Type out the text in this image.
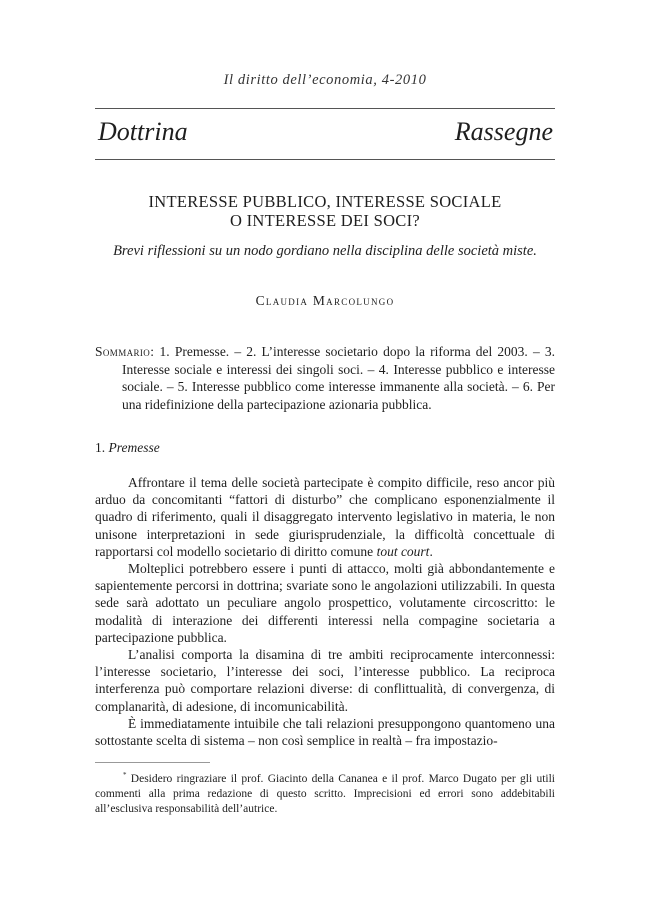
Il diritto dell’economia, 4-2010
Dottrina	Rassegne
INTERESSE PUBBLICO, INTERESSE SOCIALE
O INTERESSE DEI SOCI?
Brevi riflessioni su un nodo gordiano nella disciplina delle società miste.
Claudia Marcolungo
Sommario: 1. Premesse. – 2. L’interesse societario dopo la riforma del 2003. – 3. Interesse sociale e interessi dei singoli soci. – 4. Interesse pubblico e interesse sociale. – 5. Interesse pubblico come interesse immanente alla società. – 6. Per una ridefinizione della partecipazione azionaria pubblica.
1. Premesse

Affrontare il tema delle società partecipate è compito difficile, reso ancor più arduo da concomitanti “fattori di disturbo” che complicano esponenzialmente il quadro di riferimento, quali il disaggregato intervento legislativo in materia, le non unisone interpretazioni in sede giurisprudenziale, la difficoltà concettuale di rapportarsi col modello societario di diritto comune tout court.

Molteplici potrebbero essere i punti di attacco, molti già abbondantemente e sapientemente percorsi in dottrina; svariate sono le angolazioni utilizzabili. In questa sede sarà adottato un peculiare angolo prospettico, volutamente circoscritto: le modalità di interazione dei differenti interessi nella compagine societaria a partecipazione pubblica.

L’analisi comporta la disamina di tre ambiti reciprocamente interconnessi: l’interesse societario, l’interesse dei soci, l’interesse pubblico. La reciproca interferenza può comportare relazioni diverse: di conflittualità, di convergenza, di complanarità, di adesione, di incomunicabilità.

È immediatamente intuibile che tali relazioni presuppongono quantomeno una sottostante scelta di sistema – non così semplice in realtà – fra impostazio-

* Desidero ringraziare il prof. Giacinto della Cananea e il prof. Marco Dugato per gli utili commenti alla prima redazione di questo scritto. Imprecisioni ed errori sono addebitabili all’esclusiva responsabilità dell’autrice.
